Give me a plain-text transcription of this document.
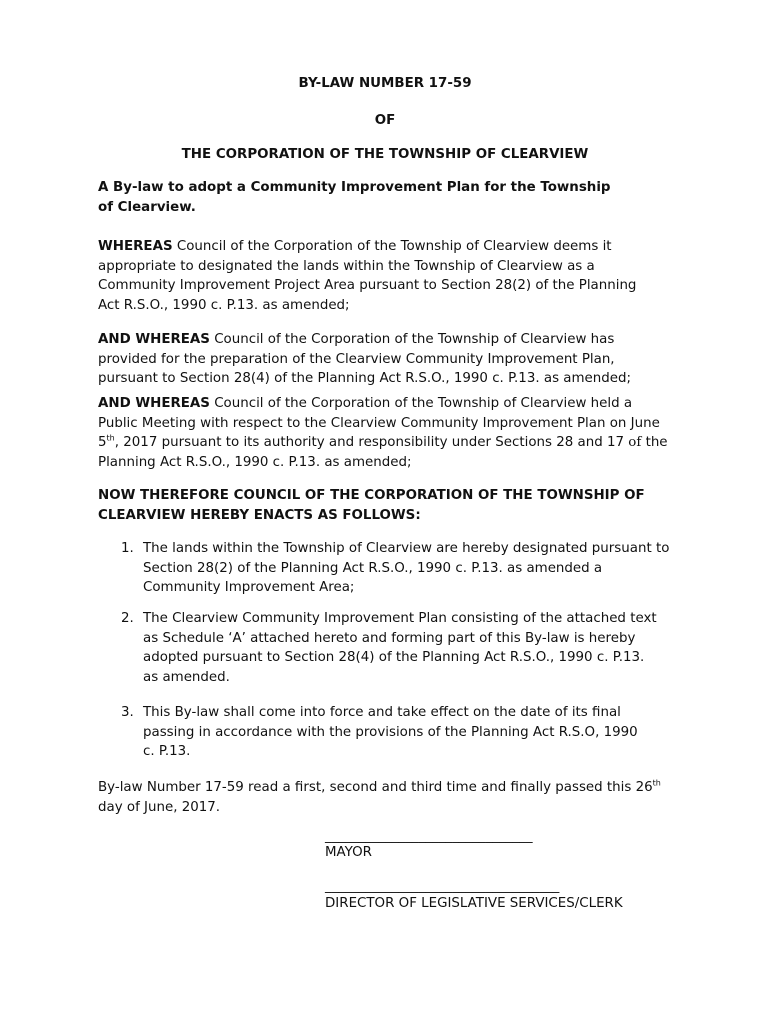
BY-LAW NUMBER 17-59
OF
THE CORPORATION OF THE TOWNSHIP OF CLEARVIEW
A By-law to adopt a Community Improvement Plan for the Township
of Clearview.
WHEREAS Council of the Corporation of the Township of Clearview deems it
appropriate to designated the lands within the Township of Clearview as a
Community Improvement Project Area pursuant to Section 28(2) of the Planning
Act R.S.O., 1990 c. P.13. as amended;
AND WHEREAS Council of the Corporation of the Township of Clearview has
provided for the preparation of the Clearview Community Improvement Plan,
pursuant to Section 28(4) of the Planning Act R.S.O., 1990 c. P.13. as amended;
AND WHEREAS Council of the Corporation of the Township of Clearview held a
Public Meeting with respect to the Clearview Community Improvement Plan on June
5th, 2017 pursuant to its authority and responsibility under Sections 28 and 17 of the
Planning Act R.S.O., 1990 c. P.13. as amended;
NOW THEREFORE COUNCIL OF THE CORPORATION OF THE TOWNSHIP OF
CLEARVIEW HEREBY ENACTS AS FOLLOWS:
1. The lands within the Township of Clearview are hereby designated pursuant to
Section 28(2) of the Planning Act R.S.O., 1990 c. P.13. as amended a
Community Improvement Area;
2. The Clearview Community Improvement Plan consisting of the attached text
as Schedule ‘A’ attached hereto and forming part of this By-law is hereby
adopted pursuant to Section 28(4) of the Planning Act R.S.O., 1990 c. P.13.
as amended.
3. This By-law shall come into force and take effect on the date of its final
passing in accordance with the provisions of the Planning Act R.S.O, 1990
c. P.13.
By-law Number 17-59 read a first, second and third time and finally passed this 26th
day of June, 2017.
_______________________________
MAYOR
___________________________________
DIRECTOR OF LEGISLATIVE SERVICES/CLERK
